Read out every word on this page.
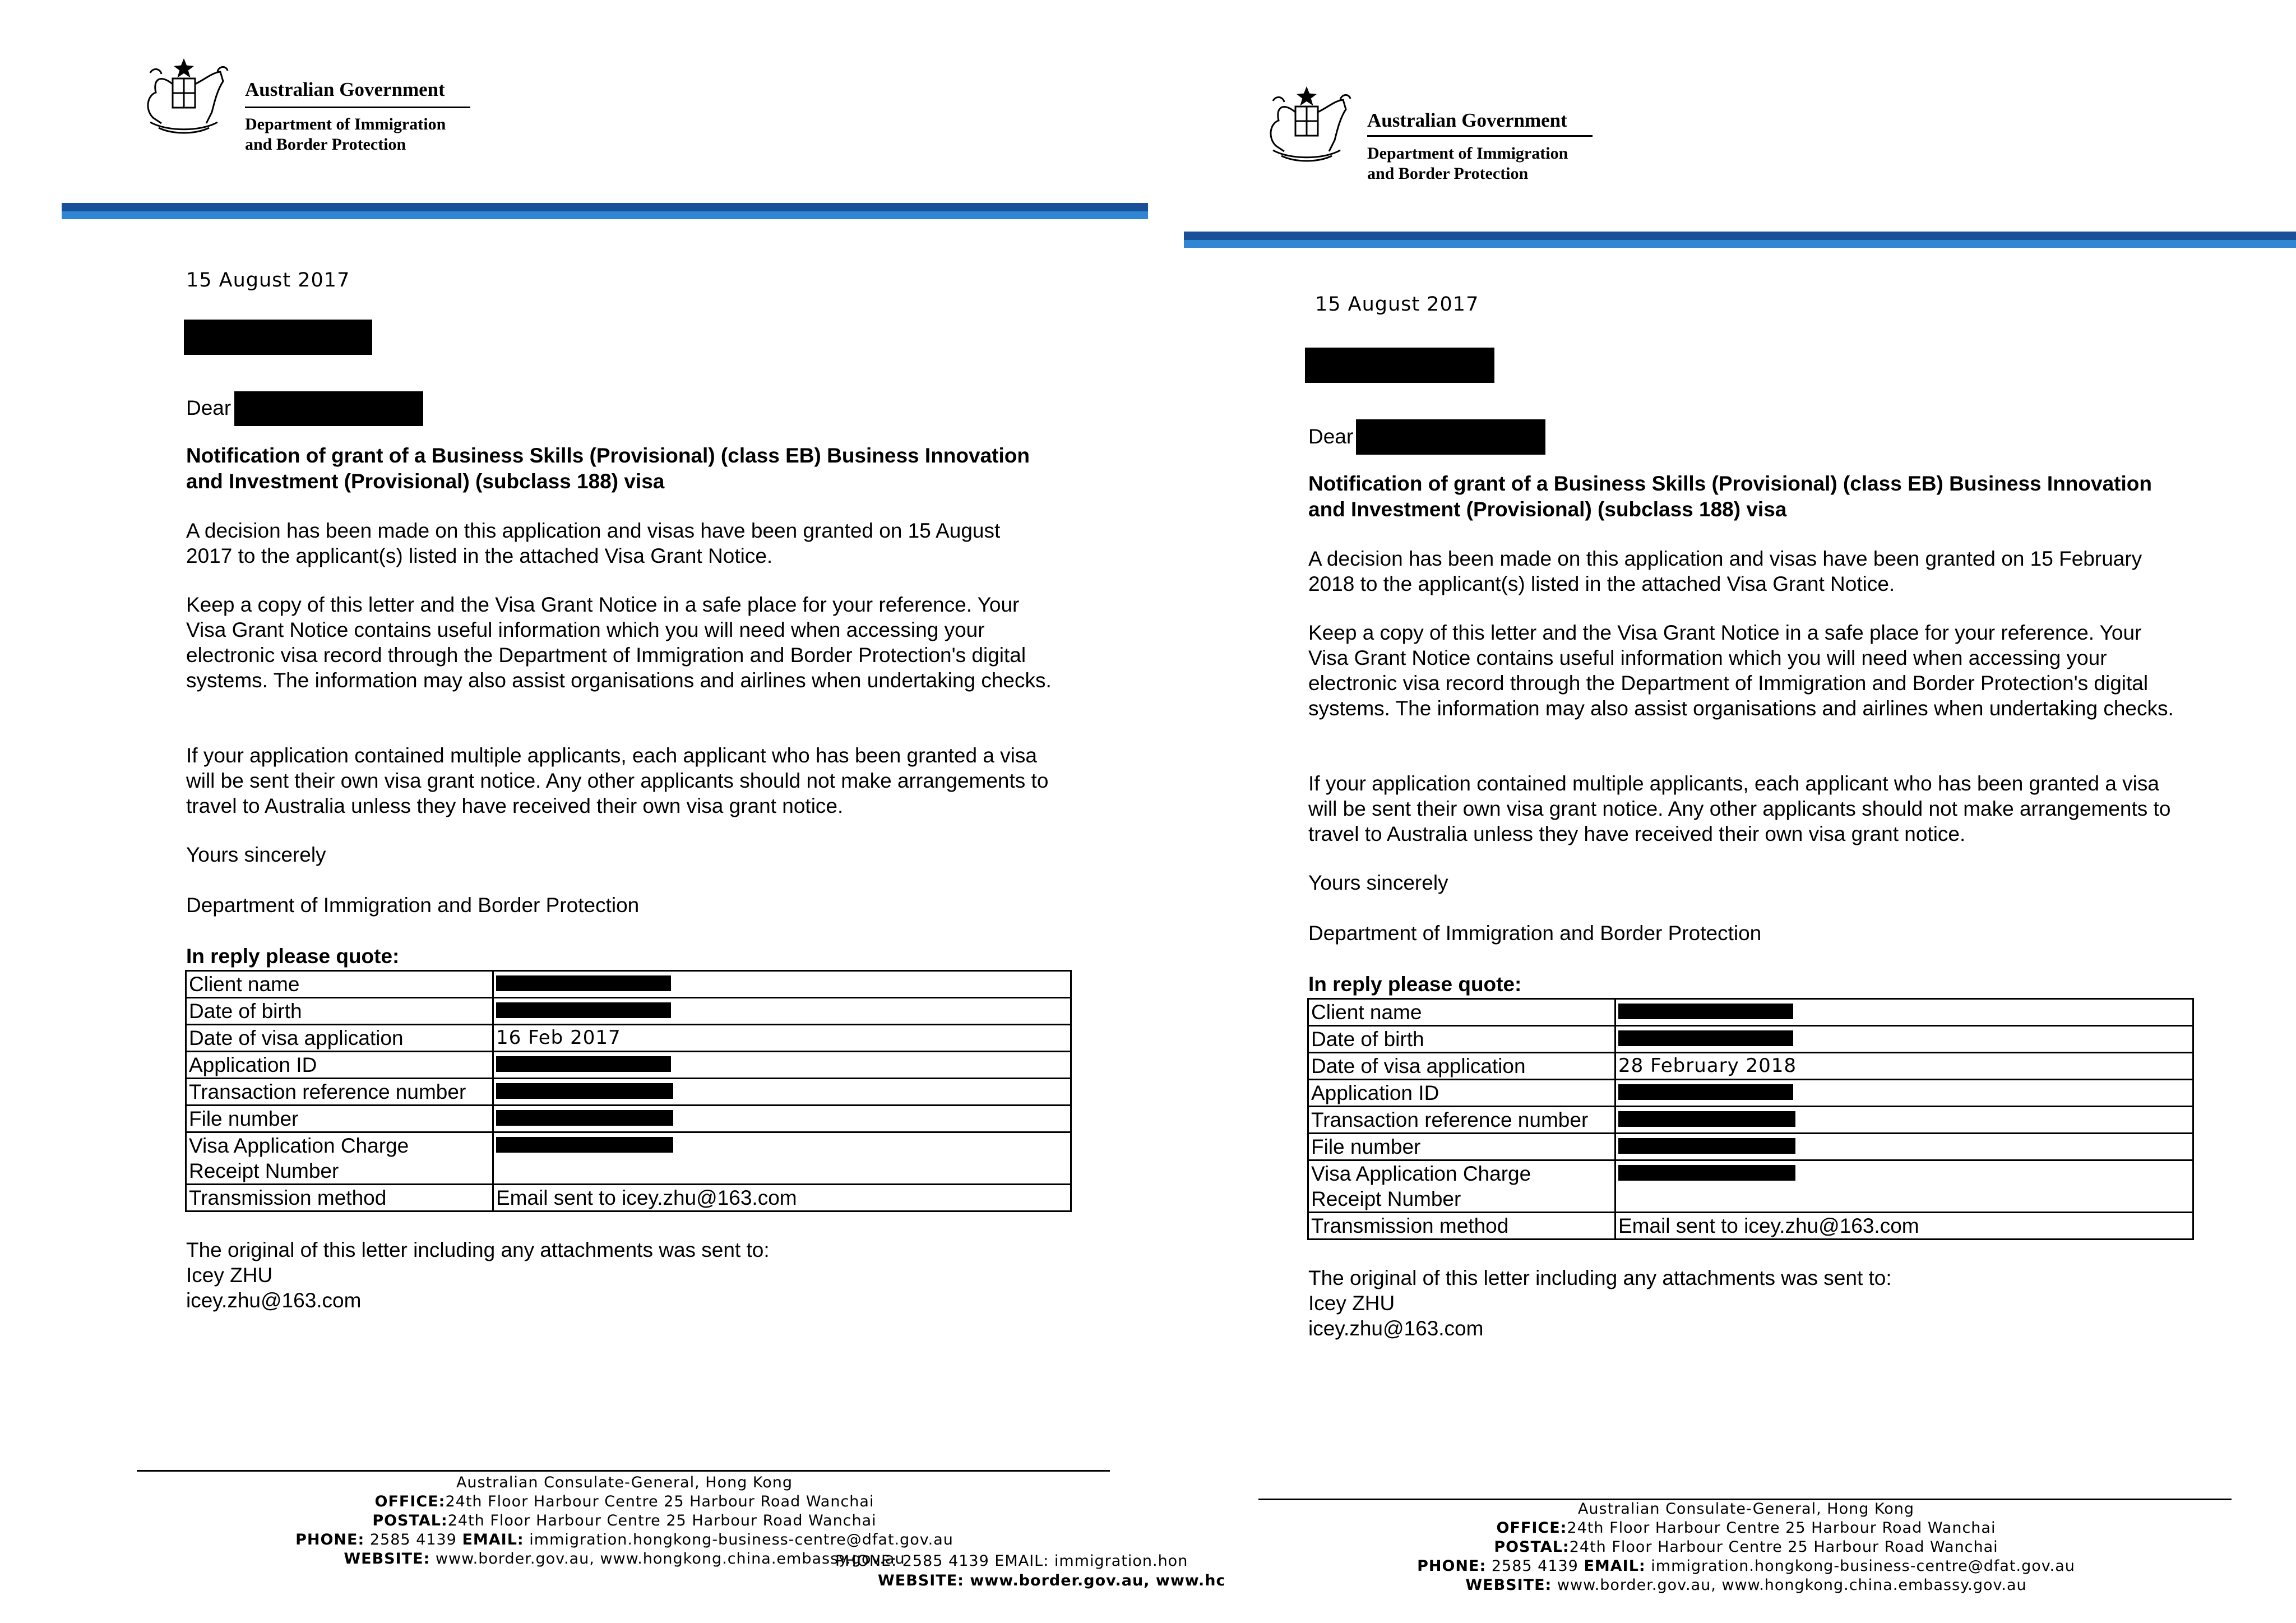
Australian Government
Department of Immigration
and Border Protection
15 August 2017
Dear
Notification of grant of a Business Skills (Provisional) (class EB) Business Innovation
and Investment (Provisional) (subclass 188) visa
A decision has been made on this application and visas have been granted on 15 August
2017 to the applicant(s) listed in the attached Visa Grant Notice.
Keep a copy of this letter and the Visa Grant Notice in a safe place for your reference. Your Visa Grant Notice contains useful information which you will need when accessing your electronic visa record through the Department of Immigration and Border Protection's digital systems. The information may also assist organisations and airlines when undertaking checks.
If your application contained multiple applicants, each applicant who has been granted a visa will be sent their own visa grant notice. Any other applicants should not make arrangements to travel to Australia unless they have received their own visa grant notice.
Yours sincerely
Department of Immigration and Border Protection
In reply please quote:
Client name	
Date of birth	
Date of visa application	16 Feb 2017
Application ID	
Transaction reference number	
File number	

Visa Application Charge
Receipt Number	

Transmission method	Email sent to icey.zhu@163.com
The original of this letter including any attachments was sent to:
Icey ZHU
icey.zhu@163.com
Australian Consulate-General, Hong Kong
OFFICE:24th Floor Harbour Centre 25 Harbour Road Wanchai
POSTAL:24th Floor Harbour Centre 25 Harbour Road Wanchai
PHONE: 2585 4139 EMAIL: immigration.hongkong-business-centre@dfat.gov.au
WEBSITE: www.border.gov.au, www.hongkong.china.embassy.gov.au
PHONE: 2585 4139 EMAIL: immigration.hon
WEBSITE: www.border.gov.au, www.hc
Australian Government
Department of Immigration
and Border Protection
15 August 2017
Dear
Notification of grant of a Business Skills (Provisional) (class EB) Business Innovation
and Investment (Provisional) (subclass 188) visa
A decision has been made on this application and visas have been granted on 15 February
2018 to the applicant(s) listed in the attached Visa Grant Notice.
Keep a copy of this letter and the Visa Grant Notice in a safe place for your reference. Your Visa Grant Notice contains useful information which you will need when accessing your electronic visa record through the Department of Immigration and Border Protection's digital systems. The information may also assist organisations and airlines when undertaking checks.
If your application contained multiple applicants, each applicant who has been granted a visa will be sent their own visa grant notice. Any other applicants should not make arrangements to travel to Australia unless they have received their own visa grant notice.
Yours sincerely
Department of Immigration and Border Protection
In reply please quote:
Client name	
Date of birth	
Date of visa application	28 February 2018
Application ID	
Transaction reference number	
File number	

Visa Application Charge
Receipt Number	

Transmission method	Email sent to icey.zhu@163.com
The original of this letter including any attachments was sent to:
Icey ZHU
icey.zhu@163.com
Australian Consulate-General, Hong Kong
OFFICE:24th Floor Harbour Centre 25 Harbour Road Wanchai
POSTAL:24th Floor Harbour Centre 25 Harbour Road Wanchai
PHONE: 2585 4139 EMAIL: immigration.hongkong-business-centre@dfat.gov.au
WEBSITE: www.border.gov.au, www.hongkong.china.embassy.gov.au
